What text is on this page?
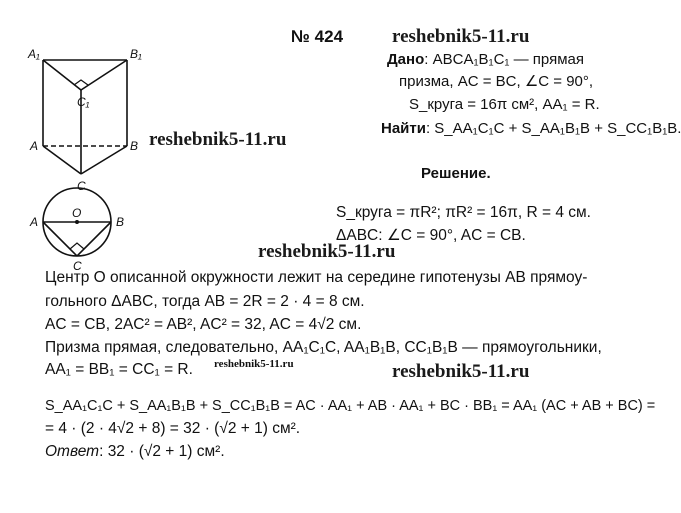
A₁	B₁
C₁
A	B
C
O
A	B
C
№ 424	reshebnik5-11.ru
reshebnik5-11.ru
reshebnik5-11.ru
reshebnik5-11.ru
reshebnik5-11.ru
Дано: ABCA₁B₁C₁ — прямая
призма, AC = BC, ∠C = 90°,
S_круга = 16π см², AA₁ = R.
Найти: S_AA₁C₁C + S_AA₁B₁B + S_CC₁B₁B.
Решение.
S_круга = πR²; πR² = 16π, R = 4 см.
ΔABC: ∠C = 90°, AC = CB.
Центр O описанной окружности лежит на середине гипотенузы AB прямоу-
гольного ΔABC, тогда AB = 2R = 2 · 4 = 8 см.
AC = CB, 2AC² = AB², AC² = 32, AC = 4√2 см.
Призма прямая, следовательно, AA₁C₁C, AA₁B₁B, CC₁B₁B — прямоугольники,
AA₁ = BB₁ = CC₁ = R.
S_AA₁C₁C + S_AA₁B₁B + S_CC₁B₁B = AC · AA₁ + AB · AA₁ + BC · BB₁ = AA₁ (AC + AB + BC) =
= 4 · (2 · 4√2 + 8) = 32 · (√2 + 1) см².
Ответ: 32 · (√2 + 1) см².
